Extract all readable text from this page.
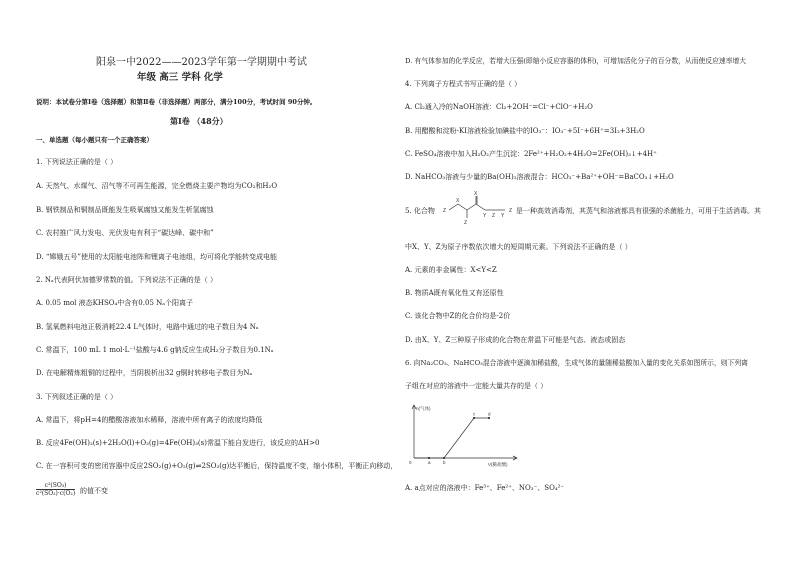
阳泉一中2022——2023学年第一学期期中考试
年级 高三 学科 化学
说明：本试卷分第Ⅰ卷（选择题）和第Ⅱ卷（非选择题）两部分，满分100分，考试时间 90分钟。
第Ⅰ卷 （48分）
一、单选题（每小题只有一个正确答案）
1. 下列说法正确的是（ ）
A. 天然气、水煤气、沼气等不可再生能源，完全燃烧主要产物均为CO₂和H₂O
B. 钢铁制品和铜制品既能发生吸氧腐蚀又能发生析氢腐蚀
C. 农村推广风力发电、光伏发电有利于“碳达峰、碳中和”
D. “嫦娥五号”使用的太阳能电池阵和锂离子电池组，均可将化学能转变成电能
2. Nₐ代表阿伏加德罗常数的值。下列说法不正确的是（ ）
A. 0.05 mol 液态KHSO₄中含有0.05 Nₐ个阳离子
B. 氢氧燃料电池正极消耗22.4 L气体时，电路中通过的电子数目为4 Nₐ
C. 常温下，100 mL 1 mol·L⁻¹盐酸与4.6 g钠反应生成H₂分子数目为0.1Nₐ
D. 在电解精炼粗铜的过程中，当阴极析出32 g铜时转移电子数目为Nₐ
3. 下列叙述正确的是（ ）
A. 常温下，将pH=4的醋酸溶液加水稀释，溶液中所有离子的浓度均降低
B. 反应4Fe(OH)₂(s)+2H₂O(l)+O₂(g)=4Fe(OH)₃(s)常温下能自发进行，该反应的ΔH>0
C. 在一容积可变的密闭容器中反应2SO₂(g)+O₂(g)⇌2SO₃(g)达平衡后，保持温度不变，缩小体积，平衡正向移动，
$\frac{\text{c²(SO₃)}}{\text{c²(SO₂)·c(O₂)}}$ 的值不变
D. 有气体参加的化学反应，若增大压强(即缩小反应容器的体积)，可增加活化分子的百分数，从而使反应速率增大
4. 下列离子方程式书写正确的是（ ）
A. Cl₂通入冷的NaOH溶液：Cl₂+2OH⁻=Cl⁻+ClO⁻+H₂O
B. 用醋酸和淀粉-KI溶液检验加碘盐中的IO₃⁻：IO₃⁻+5I⁻+6H⁺=3I₂+3H₂O
C. FeSO₄溶液中加入H₂O₂产生沉淀：2Fe²⁺+H₂O₂+4H₂O=2Fe(OH)₃↓+4H⁺
D. NaHCO₃溶液与少量的Ba(OH)₂溶液混合：HCO₃⁻+Ba²⁺+OH⁻=BaCO₃↓+H₂O
5. 化合物 Z
X
Z
X
Y Z Y
Z 是一种高效消毒剂，其蒸气和溶液都具有很强的杀菌能力，可用于生活消毒。其
中X、Y、Z为原子序数依次增大的短周期元素。下列说法不正确的是（ ）
A. 元素的非金属性：X<Y<Z
B. 物质A既有氧化性又有还原性
C. 该化合物中Z的化合价均是-2价
D. 由X、Y、Z三种原子形成的化合物在常温下可能是气态、液态或固态
6. 向Na₂CO₃、NaHCO₃混合溶液中逐滴加稀盐酸，生成气体的量随稀盐酸加入量的变化关系如图所示，则下列离
子组在对应的溶液中一定能大量共存的是（ ）
a	b
c	d
n(气体)
V(稀盐酸)
0
A. a点对应的溶液中：Fe³⁺、Fe²⁺、NO₃⁻、SO₄²⁻
